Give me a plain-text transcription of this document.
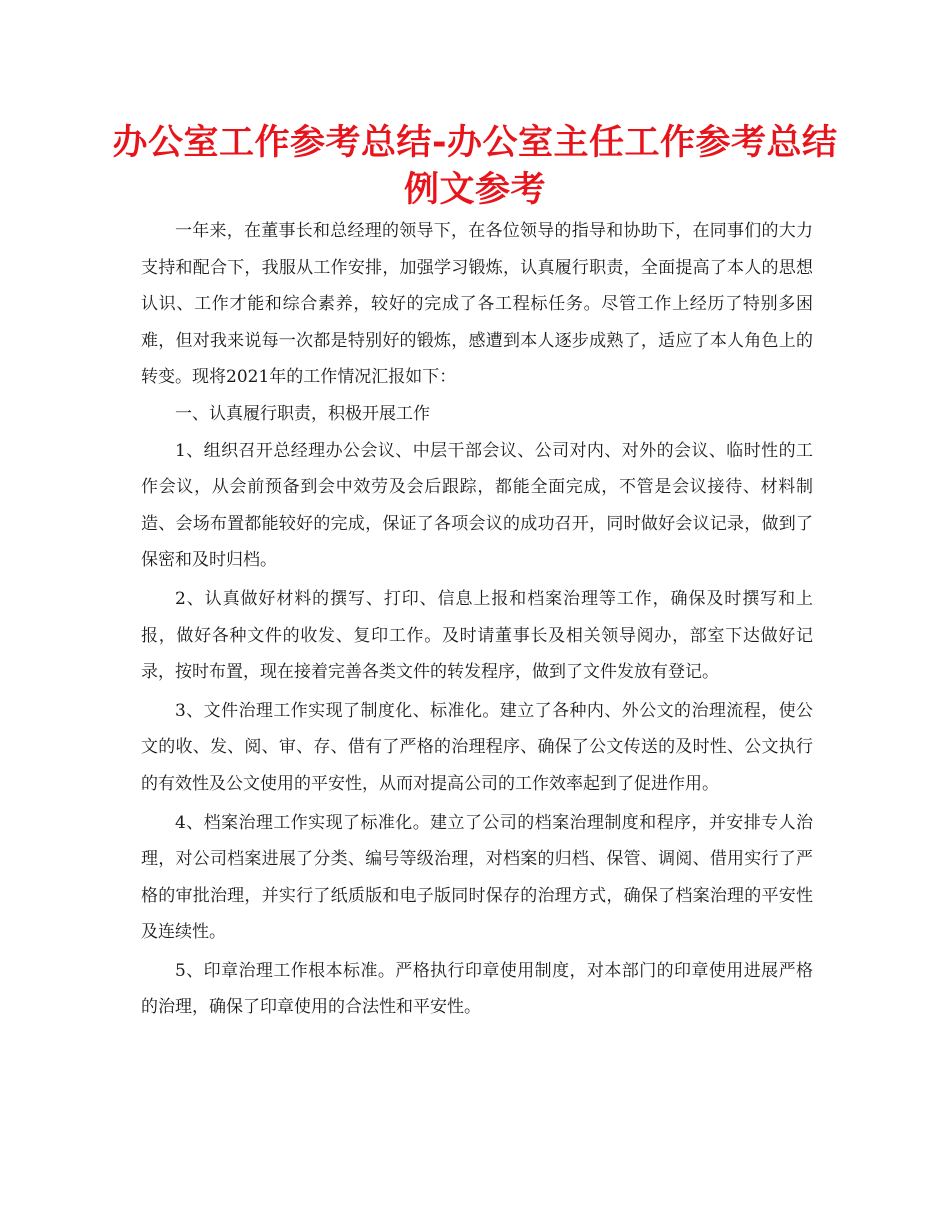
办公室工作参考总结-办公室主任工作参考总结例文参考

一年来，在董事长和总经理的领导下，在各位领导的指导和协助下，在同事们的大力支持和配合下，我服从工作安排，加强学习锻炼，认真履行职责，全面提高了本人的思想认识、工作才能和综合素养，较好的完成了各工程标任务。尽管工作上经历了特别多困难，但对我来说每一次都是特别好的锻炼，感遭到本人逐步成熟了，适应了本人角色上的转变。现将2021年的工作情况汇报如下：

一、认真履行职责，积极开展工作

1、组织召开总经理办公会议、中层干部会议、公司对内、对外的会议、临时性的工作会议，从会前预备到会中效劳及会后跟踪，都能全面完成，不管是会议接待、材料制造、会场布置都能较好的完成，保证了各项会议的成功召开，同时做好会议记录，做到了保密和及时归档。

2、认真做好材料的撰写、打印、信息上报和档案治理等工作，确保及时撰写和上报，做好各种文件的收发、复印工作。及时请董事长及相关领导阅办，部室下达做好记录，按时布置，现在接着完善各类文件的转发程序，做到了文件发放有登记。

3、文件治理工作实现了制度化、标准化。建立了各种内、外公文的治理流程，使公文的收、发、阅、审、存、借有了严格的治理程序、确保了公文传送的及时性、公文执行的有效性及公文使用的平安性，从而对提高公司的工作效率起到了促进作用。

4、档案治理工作实现了标准化。建立了公司的档案治理制度和程序，并安排专人治理，对公司档案进展了分类、编号等级治理，对档案的归档、保管、调阅、借用实行了严格的审批治理，并实行了纸质版和电子版同时保存的治理方式，确保了档案治理的平安性及连续性。

5、印章治理工作根本标准。严格执行印章使用制度，对本部门的印章使用进展严格的治理，确保了印章使用的合法性和平安性。
